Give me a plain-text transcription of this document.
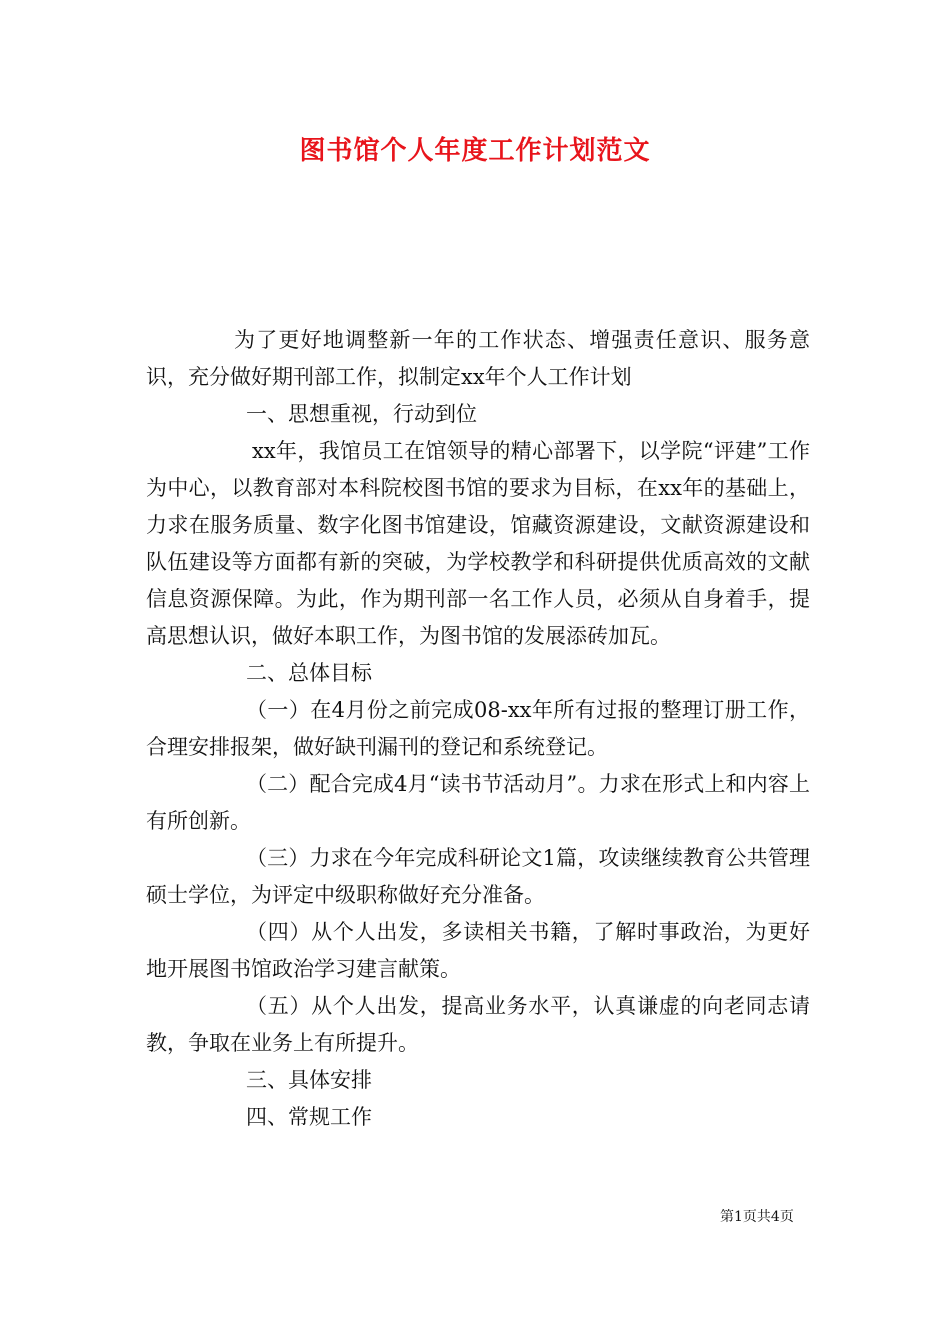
图书馆个人年度工作计划范文

为了更好地调整新一年的工作状态、增强责任意识、服务意识，充分做好期刊部工作，拟制定xx年个人工作计划

一、思想重视，行动到位

xx年，我馆员工在馆领导的精心部署下，以学院“评建”工作为中心，以教育部对本科院校图书馆的要求为目标，在xx年的基础上，力求在服务质量、数字化图书馆建设，馆藏资源建设，文献资源建设和队伍建设等方面都有新的突破，为学校教学和科研提供优质高效的文献信息资源保障。为此，作为期刊部一名工作人员，必须从自身着手，提高思想认识，做好本职工作，为图书馆的发展添砖加瓦。

二、总体目标

（一）在4月份之前完成08-xx年所有过报的整理订册工作，合理安排报架，做好缺刊漏刊的登记和系统登记。

（二）配合完成4月“读书节活动月”。力求在形式上和内容上有所创新。

（三）力求在今年完成科研论文1篇，攻读继续教育公共管理硕士学位，为评定中级职称做好充分准备。

（四）从个人出发，多读相关书籍，了解时事政治，为更好地开展图书馆政治学习建言献策。

（五）从个人出发，提高业务水平，认真谦虚的向老同志请教，争取在业务上有所提升。

三、具体安排

四、常规工作

第1页共4页
